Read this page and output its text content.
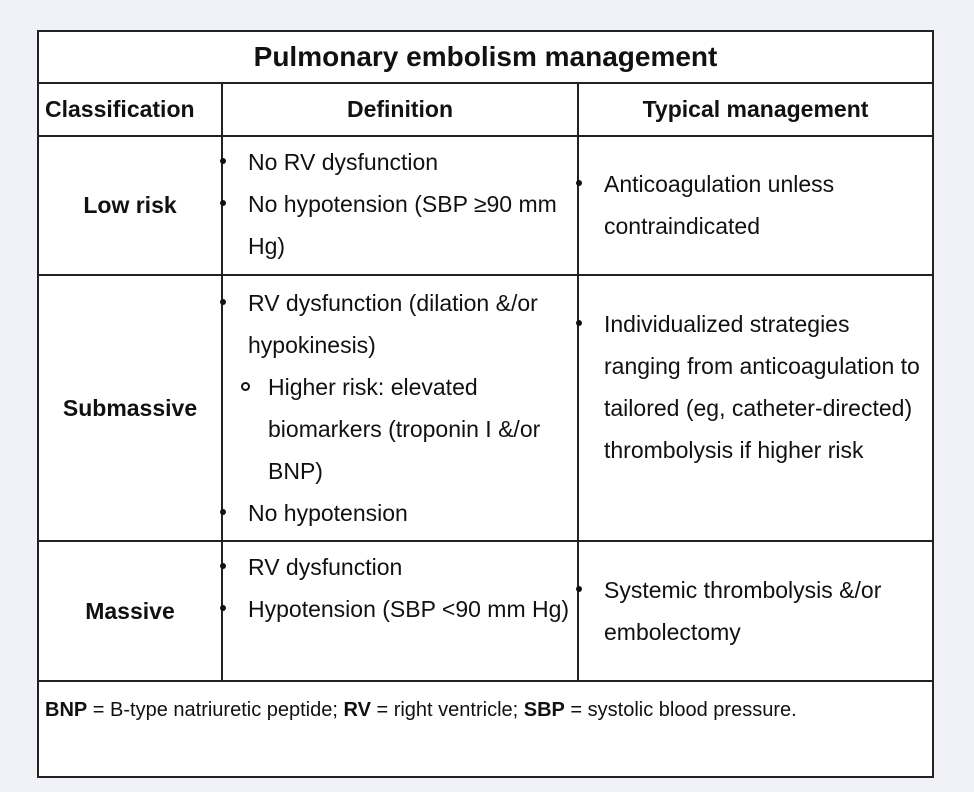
Pulmonary embolism management
Classification	Definition	Typical management
Low risk
No RV dysfunction
No hypotension (SBP ≥90 mm Hg)
Anticoagulation unless contraindicated
Submassive
RV dysfunction (dilation &/or hypokinesis)
Higher risk: elevated biomarkers (troponin I &/or BNP)
No hypotension
Individualized strategies ranging from anticoagulation to tailored (eg, catheter-directed) thrombolysis if higher risk
Massive
RV dysfunction
Hypotension (SBP <90 mm Hg)
Systemic thrombolysis &/or embolectomy
BNP = B-type natriuretic peptide; RV = right ventricle; SBP = systolic blood pressure.
